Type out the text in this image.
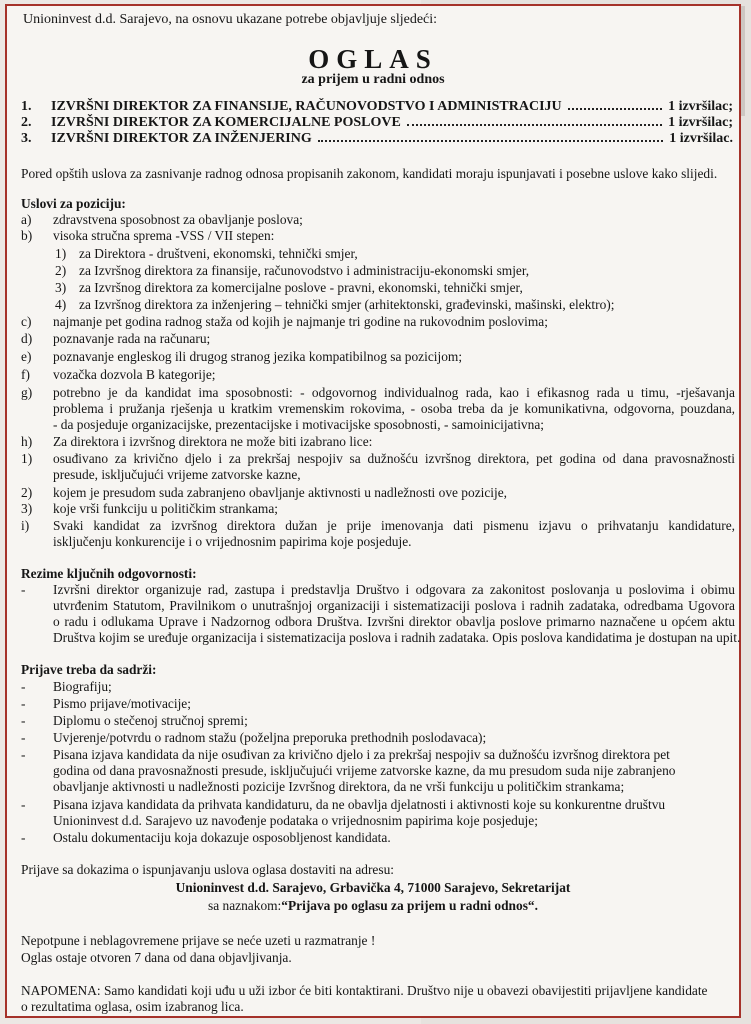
Unioninvest d.d. Sarajevo, na osnovu ukazane potrebe objavljuje sljedeći:
OGLAS
za prijem u radni odnos
1.	IZVRŠNI DIREKTOR ZA FINANSIJE, RAČUNOVODSTVO I ADMINISTRACIJU	1 izvršilac;
2.	IZVRŠNI DIREKTOR ZA KOMERCIJALNE POSLOVE	1 izvršilac;
3.	IZVRŠNI DIREKTOR ZA INŽENJERING	1 izvršilac.
Pored opštih uslova za zasnivanje radnog odnosa propisanih zakonom, kandidati moraju ispunjavati i posebne uslove kako slijedi.
Uslovi za poziciju:
a) zdravstvena sposobnost za obavljanje poslova;
b) visoka stručna sprema -VSS / VII stepen:
1) za Direktora - društveni, ekonomski, tehnički smjer,
2) za Izvršnog direktora za finansije, računovodstvo i administraciju-ekonomski smjer,
3) za Izvršnog direktora za komercijalne poslove - pravni, ekonomski, tehnički smjer,
4) za Izvršnog direktora za inženjering – tehnički smjer (arhitektonski, građevinski, mašinski, elektro);
c) najmanje pet godina radnog staža od kojih je najmanje tri godine na rukovodnim poslovima;
d) poznavanje rada na računaru;
e) poznavanje engleskog ili drugog stranog jezika kompatibilnog sa pozicijom;
f) vozačka dozvola B kategorije;
g) potrebno je da kandidat ima sposobnosti: - odgovornog individualnog rada, kao i efikasnog rada u timu, -rješavanja
problema i pružanja rješenja u kratkim vremenskim rokovima, - osoba treba da je komunikativna, odgovorna, pouzdana,
- da posjeduje organizacijske, prezentacijske i motivacijske sposobnosti, - samoinicijativna;
h) Za direktora i izvršnog direktora ne može biti izabrano lice:
1) osuđivano za krivično djelo i za prekršaj nespojiv sa dužnošću izvršnog direktora, pet godina od dana pravosnažnosti
presude, isključujući vrijeme zatvorske kazne,
2) kojem je presudom suda zabranjeno obavljanje aktivnosti u nadležnosti ove pozicije,
3) koje vrši funkciju u političkim strankama;
i) Svaki kandidat za izvršnog direktora dužan je prije imenovanja dati pismenu izjavu o prihvatanju kandidature,
isključenju konkurencije i o vrijednosnim papirima koje posjeduje.
Rezime ključnih odgovornosti:
- Izvršni direktor organizuje rad, zastupa i predstavlja Društvo i odgovara za zakonitost poslovanja u poslovima i obimu
utvrđenim Statutom, Pravilnikom o unutrašnjoj organizaciji i sistematizaciji poslova i radnih zadataka, odredbama Ugovora
o radu i odlukama Uprave i Nadzornog odbora Društva. Izvršni direktor obavlja poslove primarno naznačene u općem aktu
Društva kojim se uređuje organizacija i sistematizacija poslova i radnih zadataka. Opis poslova kandidatima je dostupan na upit.
Prijave treba da sadrži:
- Biografiju;
- Pismo prijave/motivacije;
- Diplomu o stečenoj stručnoj spremi;
- Uvjerenje/potvrdu o radnom stažu (poželjna preporuka prethodnih poslodavaca);
- Pisana izjava kandidata da nije osuđivan za krivično djelo i za prekršaj nespojiv sa dužnošću izvršnog direktora pet
godina od dana pravosnažnosti presude, isključujući vrijeme zatvorske kazne, da mu presudom suda nije zabranjeno
obavljanje aktivnosti u nadležnosti pozicije Izvršnog direktora, da ne vrši funkciju u političkim strankama;
- Pisana izjava kandidata da prihvata kandidaturu, da ne obavlja djelatnosti i aktivnosti koje su konkurentne društvu
Unioninvest d.d. Sarajevo uz navođenje podataka o vrijednosnim papirima koje posjeduje;
- Ostalu dokumentaciju koja dokazuje osposobljenost kandidata.
Prijave sa dokazima o ispunjavanju uslova oglasa dostaviti na adresu:
Unioninvest d.d. Sarajevo, Grbavička 4, 71000 Sarajevo, Sekretarijat
sa naznakom:“Prijava po oglasu za prijem u radni odnos“.
Nepotpune i neblagovremene prijave se neće uzeti u razmatranje !
Oglas ostaje otvoren 7 dana od dana objavljivanja.
NAPOMENA: Samo kandidati koji uđu u uži izbor će biti kontaktirani. Društvo nije u obavezi obavijestiti prijavljene kandidate
o rezultatima oglasa, osim izabranog lica.
